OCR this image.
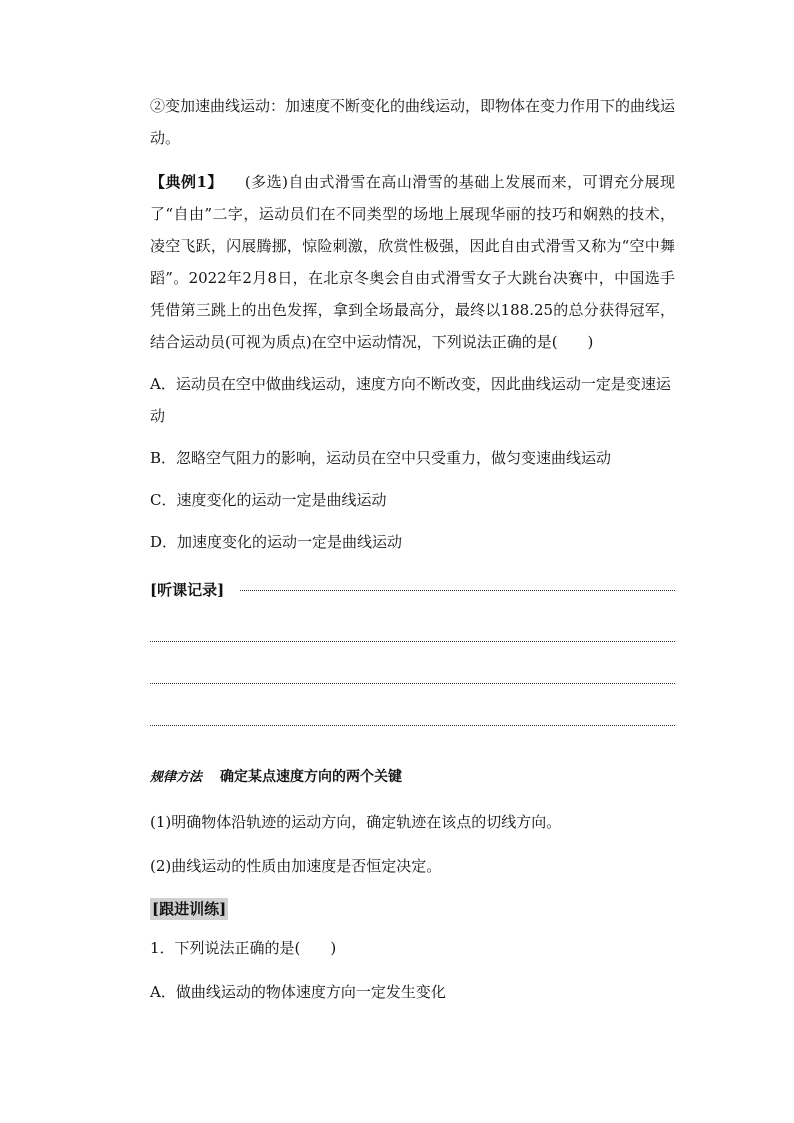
②变加速曲线运动：加速度不断变化的曲线运动，即物体在变力作用下的曲线运动。

【典例1】 (多选)自由式滑雪在高山滑雪的基础上发展而来，可谓充分展现了“自由”二字，运动员们在不同类型的场地上展现华丽的技巧和娴熟的技术，凌空飞跃，闪展腾挪，惊险刺激，欣赏性极强，因此自由式滑雪又称为“空中舞蹈”。2022年2月8日，在北京冬奥会自由式滑雪女子大跳台决赛中，中国选手凭借第三跳上的出色发挥，拿到全场最高分，最终以188.25的总分获得冠军，结合运动员(可视为质点)在空中运动情况，下列说法正确的是(　　)

A．运动员在空中做曲线运动，速度方向不断改变，因此曲线运动一定是变速运动

B．忽略空气阻力的影响，运动员在空中只受重力，做匀变速曲线运动

C．速度变化的运动一定是曲线运动

D．加速度变化的运动一定是曲线运动

[听课记录]
规律方法 确定某点速度方向的两个关键

(1)明确物体沿轨迹的运动方向，确定轨迹在该点的切线方向。

(2)曲线运动的性质由加速度是否恒定决定。

[跟进训练]

1．下列说法正确的是(　　)

A．做曲线运动的物体速度方向一定发生变化
